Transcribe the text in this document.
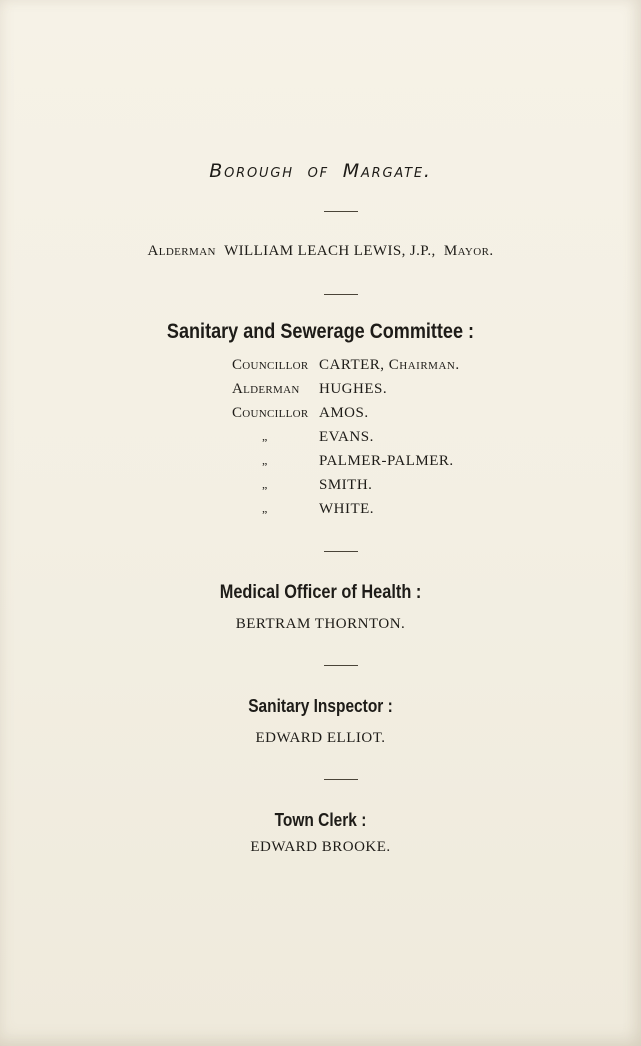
Borough of Margate.
Alderman WILLIAM LEACH LEWIS, J.P., Mayor.
Sanitary and Sewerage Committee :
Councillor CARTER, Chairman.
Alderman HUGHES.
Councillor AMOS.
„	EVANS.
„	PALMER-PALMER.
„	SMITH.
„	WHITE.
Medical Officer of Health :
BERTRAM THORNTON.
Sanitary Inspector :
EDWARD ELLIOT.
Town Clerk :
EDWARD BROOKE.
